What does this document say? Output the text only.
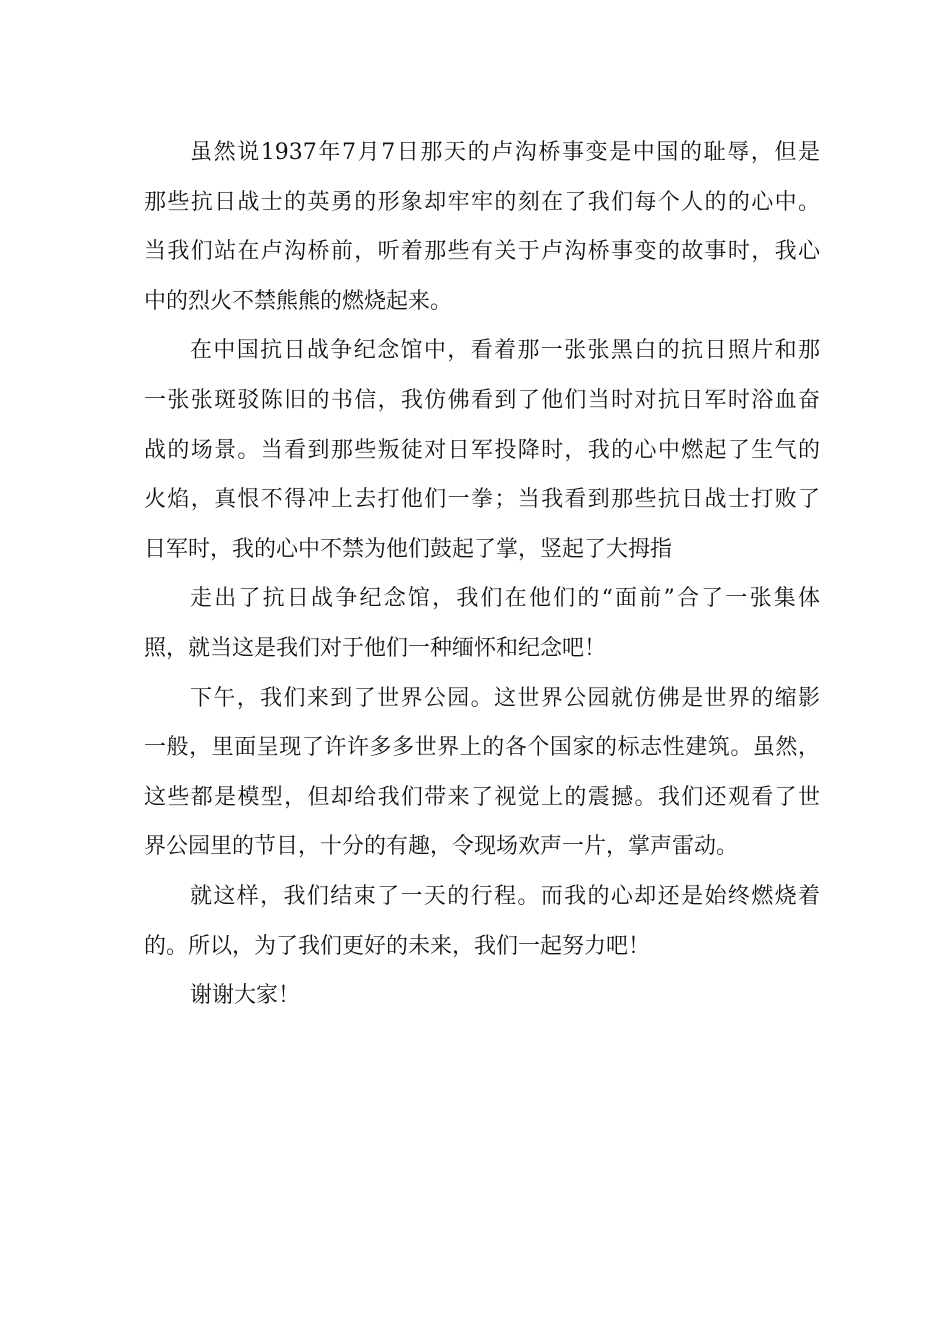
虽然说1937年7月7日那天的卢沟桥事变是中国的耻辱，但是
那些抗日战士的英勇的形象却牢牢的刻在了我们每个人的的心中。
当我们站在卢沟桥前，听着那些有关于卢沟桥事变的故事时，我心
中的烈火不禁熊熊的燃烧起来。
在中国抗日战争纪念馆中，看着那一张张黑白的抗日照片和那
一张张斑驳陈旧的书信，我仿佛看到了他们当时对抗日军时浴血奋
战的场景。当看到那些叛徒对日军投降时，我的心中燃起了生气的
火焰，真恨不得冲上去打他们一拳；当我看到那些抗日战士打败了
日军时，我的心中不禁为他们鼓起了掌，竖起了大拇指
走出了抗日战争纪念馆，我们在他们的“面前”合了一张集体
照，就当这是我们对于他们一种缅怀和纪念吧！
下午，我们来到了世界公园。这世界公园就仿佛是世界的缩影
一般，里面呈现了许许多多世界上的各个国家的标志性建筑。虽然，
这些都是模型，但却给我们带来了视觉上的震撼。我们还观看了世
界公园里的节目，十分的有趣，令现场欢声一片，掌声雷动。
就这样，我们结束了一天的行程。而我的心却还是始终燃烧着
的。所以，为了我们更好的未来，我们一起努力吧！
谢谢大家！
